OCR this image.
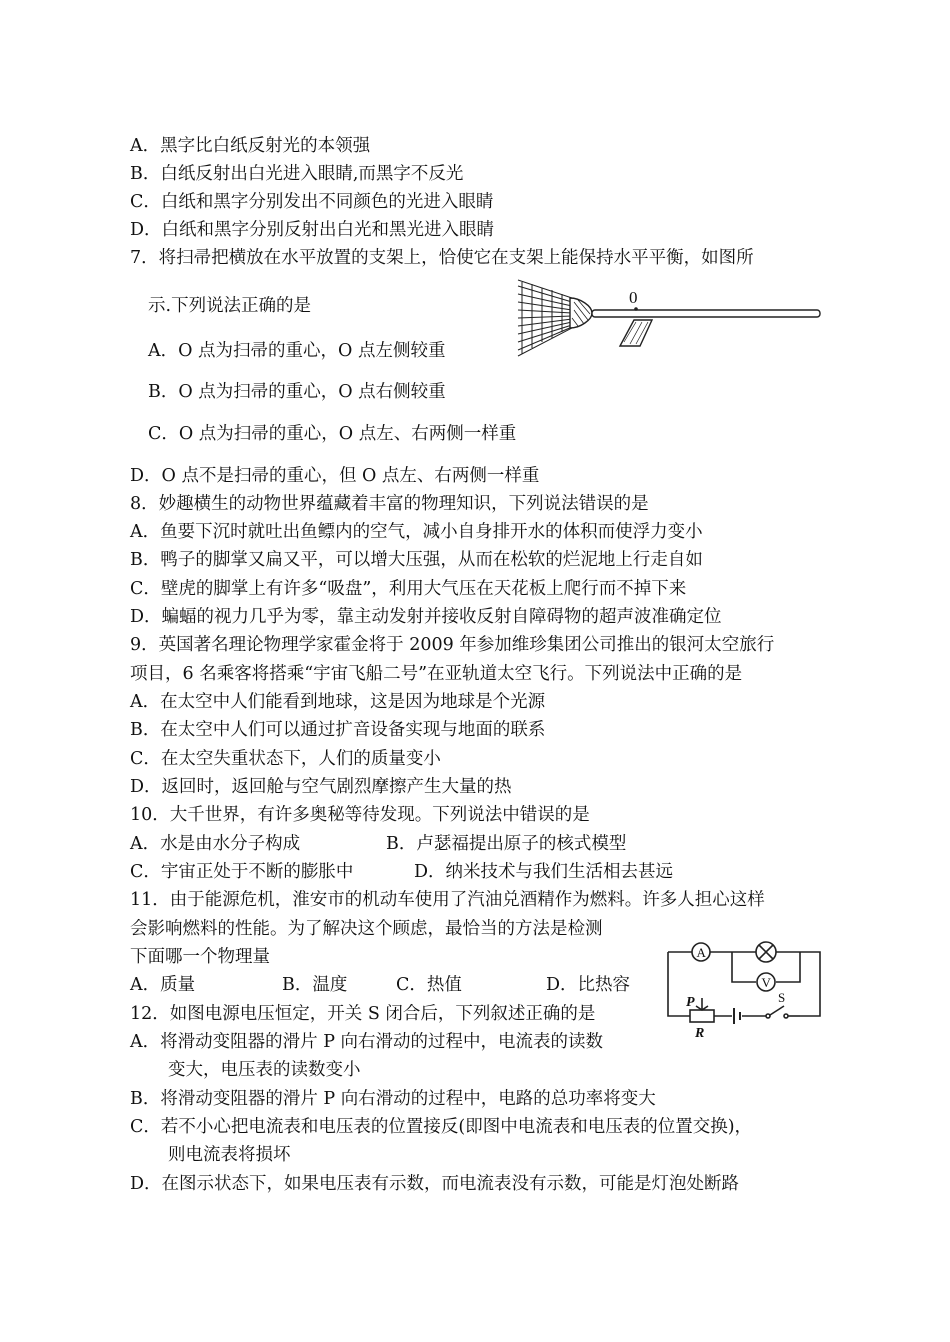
A．黑字比白纸反射光的本领强
B．白纸反射出白光进入眼睛,而黑字不反光
C．白纸和黑字分别发出不同颜色的光进入眼睛
D．白纸和黑字分别反射出白光和黑光进入眼睛
7．将扫帚把横放在水平放置的支架上，恰使它在支架上能保持水平平衡，如图所
示.下列说法正确的是	0
A．O 点为扫帚的重心，O 点左侧较重
B．O 点为扫帚的重心，O 点右侧较重
C．O 点为扫帚的重心，O 点左、右两侧一样重
D．O 点不是扫帚的重心，但 O 点左、右两侧一样重
8．妙趣横生的动物世界蕴藏着丰富的物理知识，下列说法错误的是
A．鱼要下沉时就吐出鱼鳔内的空气，减小自身排开水的体积而使浮力变小
B．鸭子的脚掌又扁又平，可以增大压强，从而在松软的烂泥地上行走自如
C．壁虎的脚掌上有许多“吸盘”，利用大气压在天花板上爬行而不掉下来
D．蝙蝠的视力几乎为零，靠主动发射并接收反射自障碍物的超声波准确定位
9．英国著名理论物理学家霍金将于 2009 年参加维珍集团公司推出的银河太空旅行
项目，6 名乘客将搭乘“宇宙飞船二号”在亚轨道太空飞行。下列说法中正确的是
A．在太空中人们能看到地球，这是因为地球是个光源
B．在太空中人们可以通过扩音设备实现与地面的联系
C．在太空失重状态下，人们的质量变小
D．返回时，返回舱与空气剧烈摩擦产生大量的热
10．大千世界，有许多奥秘等待发现。下列说法中错误的是
A．水是由水分子构成	B．卢瑟福提出原子的核式模型
C．宇宙正处于不断的膨胀中	D．纳米技术与我们生活相去甚远
11．由于能源危机，淮安市的机动车使用了汽油兑酒精作为燃料。许多人担心这样
会影响燃料的性能。为了解决这个顾虑，最恰当的方法是检测
下面哪一个物理量
A．质量	B．温度	C．热值	D．比热容
A
V
P
R
S
12．如图电源电压恒定，开关 S 闭合后，下列叙述正确的是
A．将滑动变阻器的滑片 P 向右滑动的过程中，电流表的读数
变大，电压表的读数变小
B．将滑动变阻器的滑片 P 向右滑动的过程中，电路的总功率将变大
C．若不小心把电流表和电压表的位置接反(即图中电流表和电压表的位置交换)，
则电流表将损坏
D．在图示状态下，如果电压表有示数，而电流表没有示数，可能是灯泡处断路
